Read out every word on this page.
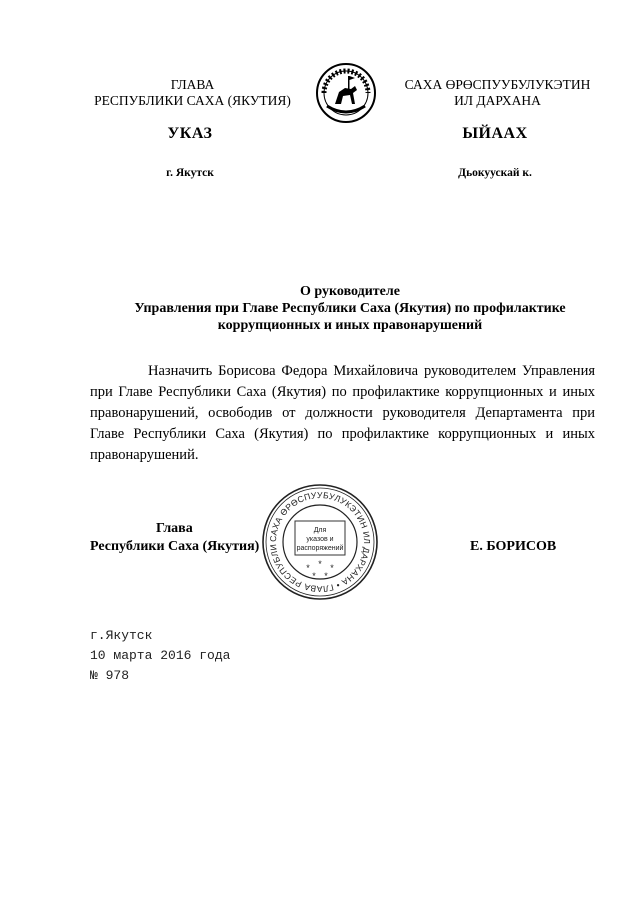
ГЛАВА
РЕСПУБЛИКИ САХА (ЯКУТИЯ)
САХА ӨРӨСПУУБУЛУКЭТИН
ИЛ ДАРХАНА
УКАЗ	ЫЙААХ
г. Якутск	Дьокуускай к.
О руководителе
Управления при Главе Республики Саха (Якутия) по профилактике
коррупционных и иных правонарушений

Назначить Борисова Федора Михайловича руководителем Управления при Главе Республики Саха (Якутия) по профилактике коррупционных и иных правонарушений, освободив от должности руководителя Департамента при Главе Республики Саха (Якутия) по профилактике коррупционных и иных правонарушений.

Глава
Республики Саха (Якутия)
САХА ӨРӨСПУУБУЛУКЭТИН ИЛ ДАРХАНА • ГЛАВА РЕСПУБЛИ
Для
указов и
распоряжений
* * *
* *
Е. БОРИСОВ
г.Якутск
10 марта 2016 года
№ 978
